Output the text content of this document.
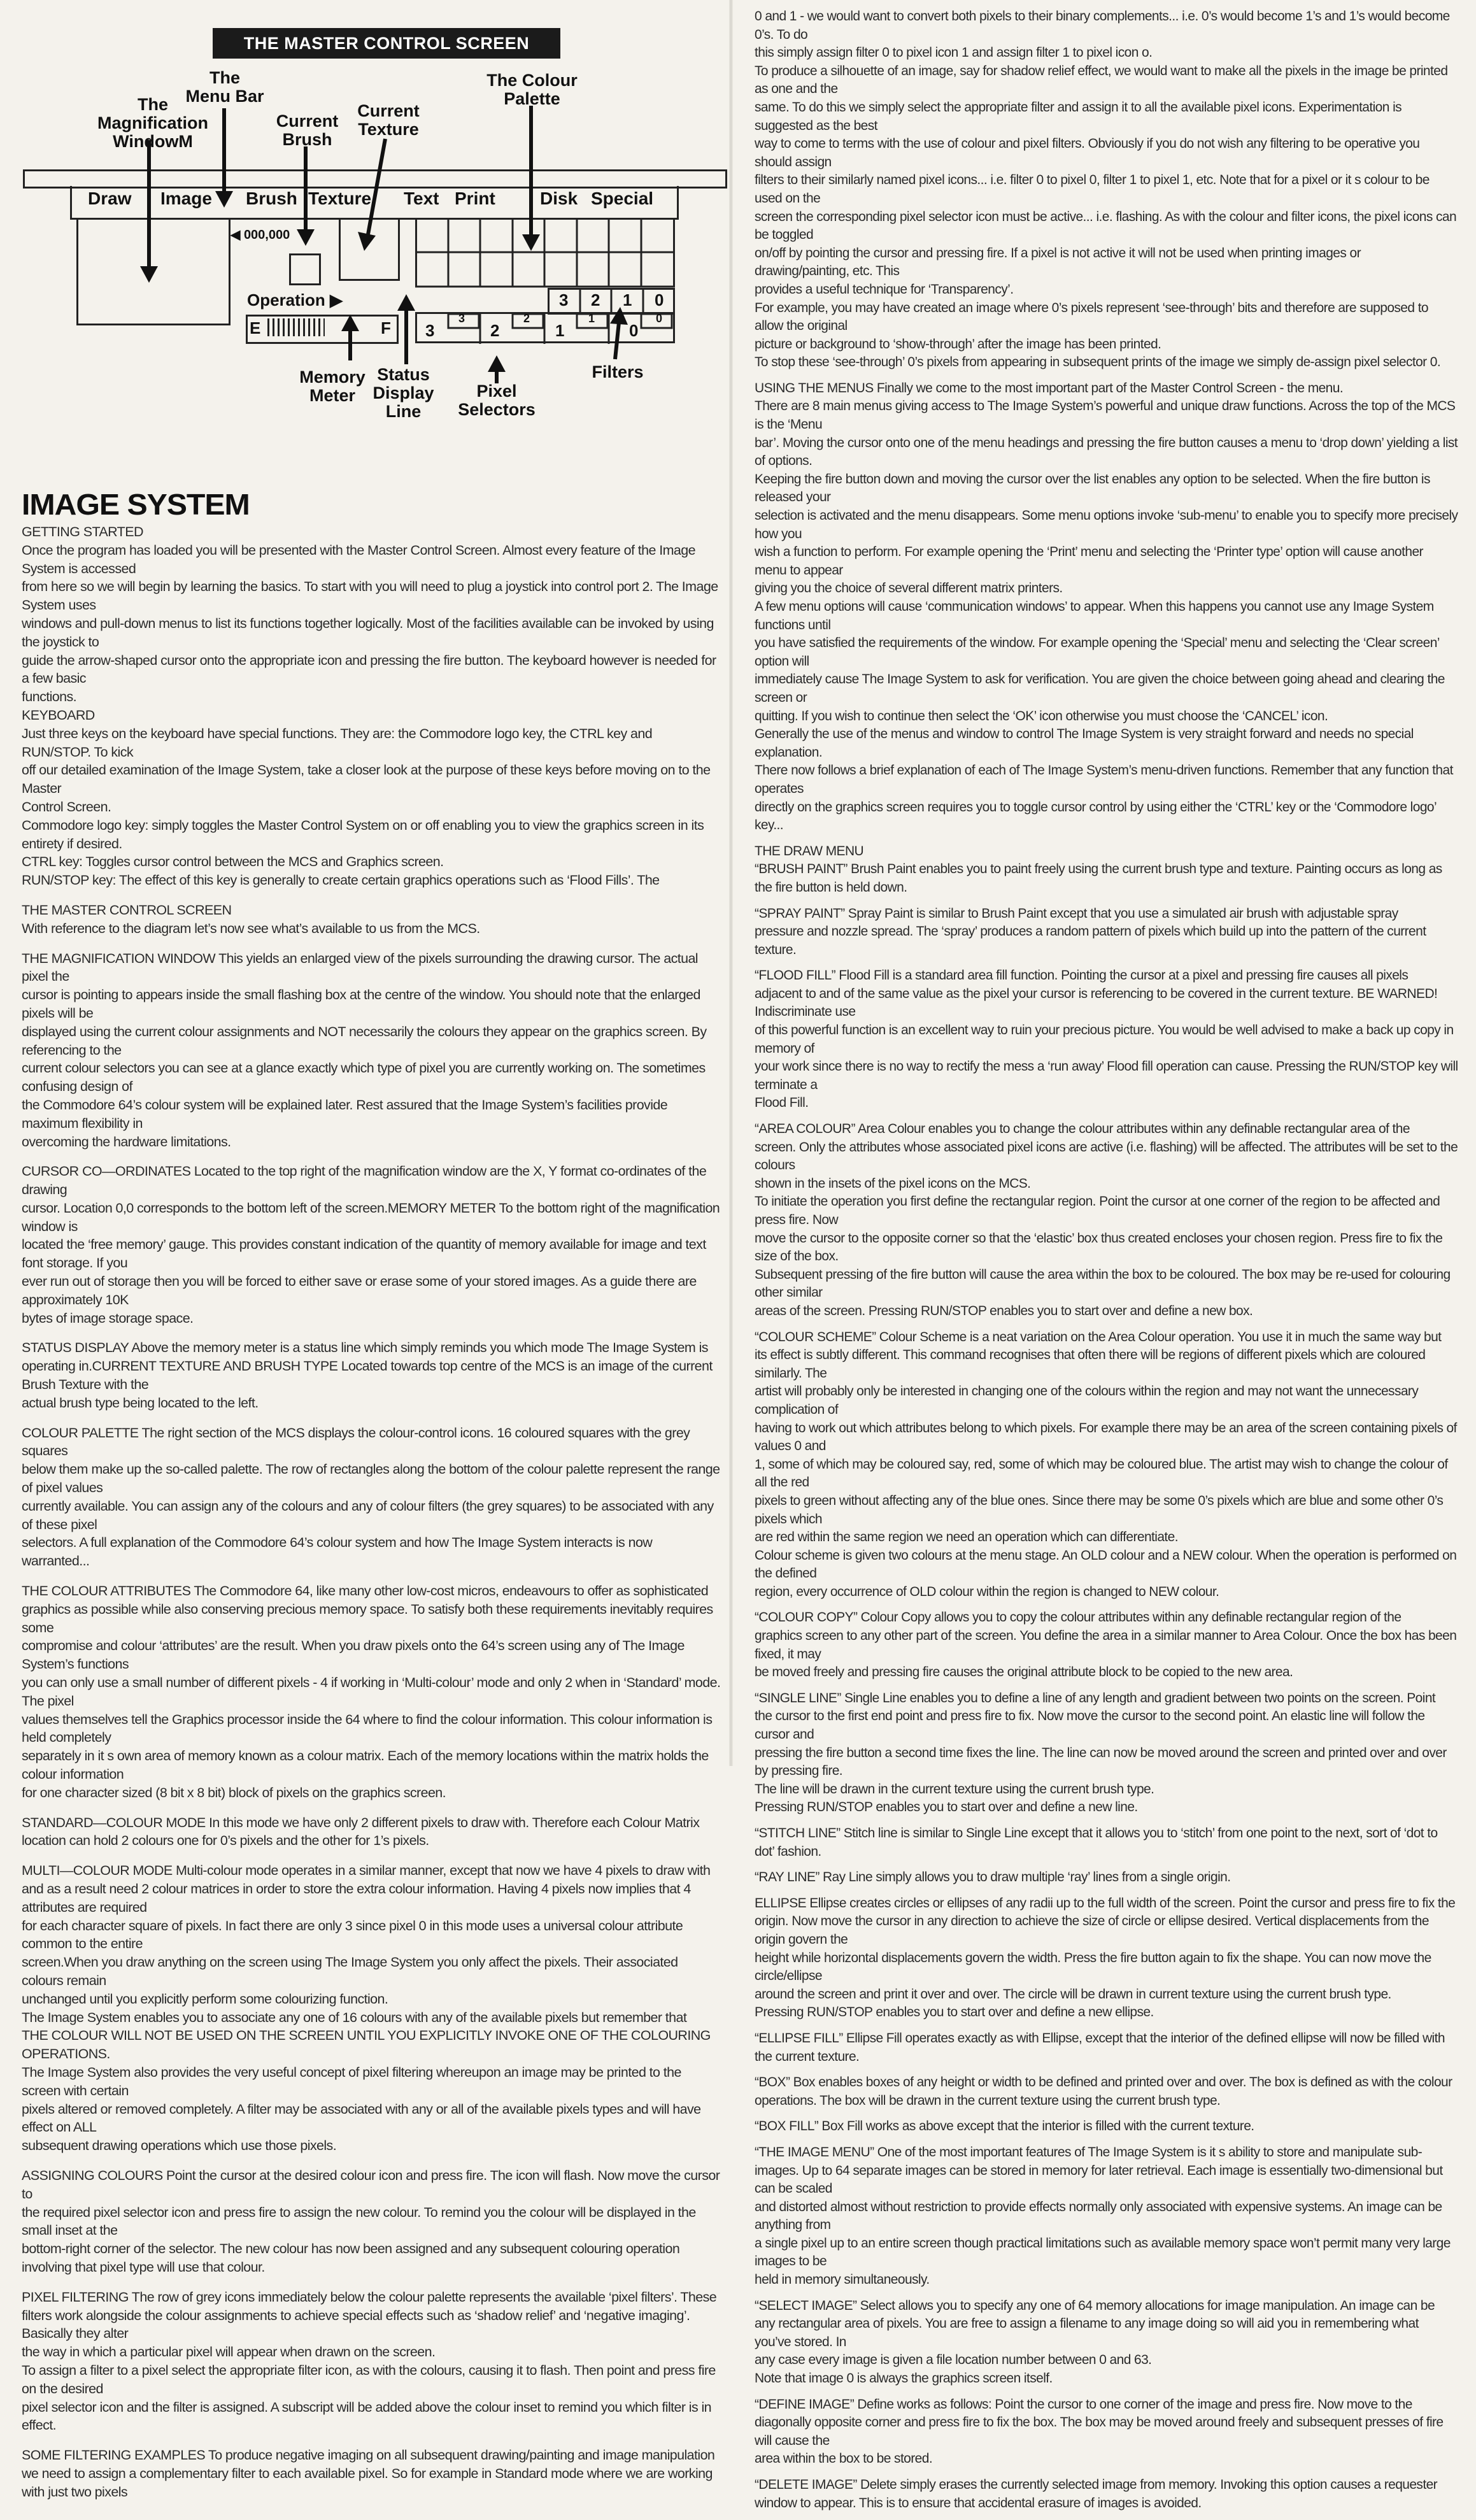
THE MASTER CONTROL SCREEN
The
Magnification
WindowM
The
Menu Bar
Current
Brush
Current
Texture
The Colour
Palette
Memory
Meter
Status
Display
Line
Pixel
Selectors
Filters
Draw Image Brush Texture Text Print	Disk Special
◀ 000,000
Operation ▶	3 2 1 0
E	F 3	2	1	0
3	2	1	0
IMAGE SYSTEM

GETTING STARTED
Once the program has loaded you will be presented with the Master Control Screen. Almost every feature of the Image System is accessed
from here so we will begin by learning the basics. To start with you will need to plug a joystick into control port 2. The Image System uses
windows and pull-down menus to list its functions together logically. Most of the facilities available can be invoked by using the joystick to
guide the arrow-shaped cursor onto the appropriate icon and pressing the fire button. The keyboard however is needed for a few basic
functions.
KEYBOARD
Just three keys on the keyboard have special functions. They are: the Commodore logo key, the CTRL key and RUN/STOP. To kick
off our detailed examination of the Image System, take a closer look at the purpose of these keys before moving on to the Master
Control Screen.
Commodore logo key: simply toggles the Master Control System on or off enabling you to view the graphics screen in its entirety if desired.
CTRL key: Toggles cursor control between the MCS and Graphics screen.
RUN/STOP key: The effect of this key is generally to create certain graphics operations such as ‘Flood Fills’. The

THE MASTER CONTROL SCREEN
With reference to the diagram let’s now see what’s available to us from the MCS.

THE MAGNIFICATION WINDOW This yields an enlarged view of the pixels surrounding the drawing cursor. The actual pixel the
cursor is pointing to appears inside the small flashing box at the centre of the window. You should note that the enlarged pixels will be
displayed using the current colour assignments and NOT necessarily the colours they appear on the graphics screen. By referencing to the
current colour selectors you can see at a glance exactly which type of pixel you are currently working on. The sometimes confusing design of
the Commodore 64’s colour system will be explained later. Rest assured that the Image System’s facilities provide maximum flexibility in
overcoming the hardware limitations.

CURSOR CO—ORDINATES Located to the top right of the magnification window are the X, Y format co-ordinates of the drawing
cursor. Location 0,0 corresponds to the bottom left of the screen.MEMORY METER To the bottom right of the magnification window is
located the ‘free memory’ gauge. This provides constant indication of the quantity of memory available for image and text font storage. If you
ever run out of storage then you will be forced to either save or erase some of your stored images. As a guide there are approximately 10K
bytes of image storage space.

STATUS DISPLAY Above the memory meter is a status line which simply reminds you which mode The Image System is
operating in.CURRENT TEXTURE AND BRUSH TYPE Located towards top centre of the MCS is an image of the current Brush Texture with the
actual brush type being located to the left.

COLOUR PALETTE The right section of the MCS displays the colour-control icons. 16 coloured squares with the grey squares
below them make up the so-called palette. The row of rectangles along the bottom of the colour palette represent the range of pixel values
currently available. You can assign any of the colours and any of colour filters (the grey squares) to be associated with any of these pixel
selectors. A full explanation of the Commodore 64’s colour system and how The Image System interacts is now warranted...

THE COLOUR ATTRIBUTES The Commodore 64, like many other low-cost micros, endeavours to offer as sophisticated
graphics as possible while also conserving precious memory space. To satisfy both these requirements inevitably requires some
compromise and colour ‘attributes’ are the result. When you draw pixels onto the 64’s screen using any of The Image System’s functions
you can only use a small number of different pixels - 4 if working in ‘Multi-colour’ mode and only 2 when in ‘Standard’ mode. The pixel
values themselves tell the Graphics processor inside the 64 where to find the colour information. This colour information is held completely
separately in it s own area of memory known as a colour matrix. Each of the memory locations within the matrix holds the colour information
for one character sized (8 bit x 8 bit) block of pixels on the graphics screen.

STANDARD—COLOUR MODE In this mode we have only 2 different pixels to draw with. Therefore each Colour Matrix
location can hold 2 colours one for 0’s pixels and the other for 1’s pixels.

MULTI—COLOUR MODE Multi-colour mode operates in a similar manner, except that now we have 4 pixels to draw with
and as a result need 2 colour matrices in order to store the extra colour information. Having 4 pixels now implies that 4 attributes are required
for each character square of pixels. In fact there are only 3 since pixel 0 in this mode uses a universal colour attribute common to the entire
screen.When you draw anything on the screen using The Image System you only affect the pixels. Their associated colours remain
unchanged until you explicitly perform some colourizing function.
The Image System enables you to associate any one of 16 colours with any of the available pixels but remember that
THE COLOUR WILL NOT BE USED ON THE SCREEN UNTIL YOU EXPLICITLY INVOKE ONE OF THE COLOURING OPERATIONS.
The Image System also provides the very useful concept of pixel filtering whereupon an image may be printed to the screen with certain
pixels altered or removed completely. A filter may be associated with any or all of the available pixels types and will have effect on ALL
subsequent drawing operations which use those pixels.

ASSIGNING COLOURS Point the cursor at the desired colour icon and press fire. The icon will flash. Now move the cursor to
the required pixel selector icon and press fire to assign the new colour. To remind you the colour will be displayed in the small inset at the
bottom-right corner of the selector. The new colour has now been assigned and any subsequent colouring operation
involving that pixel type will use that colour.

PIXEL FILTERING The row of grey icons immediately below the colour palette represents the available ‘pixel filters’. These
filters work alongside the colour assignments to achieve special effects such as ‘shadow relief’ and ‘negative imaging’. Basically they alter
the way in which a particular pixel will appear when drawn on the screen.
To assign a filter to a pixel select the appropriate filter icon, as with the colours, causing it to flash. Then point and press fire on the desired
pixel selector icon and the filter is assigned. A subscript will be added above the colour inset to remind you which filter is in effect.

SOME FILTERING EXAMPLES To produce negative imaging on all subsequent drawing/painting and image manipulation
we need to assign a complementary filter to each available pixel. So for example in Standard mode where we are working with just two pixels

0 and 1 - we would want to convert both pixels to their binary complements... i.e. 0’s would become 1’s and 1’s would become 0’s. To do
this simply assign filter 0 to pixel icon 1 and assign filter 1 to pixel icon o.
To produce a silhouette of an image, say for shadow relief effect, we would want to make all the pixels in the image be printed as one and the
same. To do this we simply select the appropriate filter and assign it to all the available pixel icons. Experimentation is suggested as the best
way to come to terms with the use of colour and pixel filters. Obviously if you do not wish any filtering to be operative you should assign
filters to their similarly named pixel icons... i.e. filter 0 to pixel 0, filter 1 to pixel 1, etc. Note that for a pixel or it s colour to be used on the
screen the corresponding pixel selector icon must be active... i.e. flashing. As with the colour and filter icons, the pixel icons can be toggled
on/off by pointing the cursor and pressing fire. If a pixel is not active it will not be used when printing images or drawing/painting, etc. This
provides a useful technique for ‘Transparency’.
For example, you may have created an image where 0’s pixels represent ‘see-through’ bits and therefore are supposed to allow the original
picture or background to ‘show-through’ after the image has been printed.
To stop these ‘see-through’ 0’s pixels from appearing in subsequent prints of the image we simply de-assign pixel selector 0.

USING THE MENUS Finally we come to the most important part of the Master Control Screen - the menu.
There are 8 main menus giving access to The Image System’s powerful and unique draw functions. Across the top of the MCS is the ‘Menu
bar’. Moving the cursor onto one of the menu headings and pressing the fire button causes a menu to ‘drop down’ yielding a list of options.
Keeping the fire button down and moving the cursor over the list enables any option to be selected. When the fire button is released your
selection is activated and the menu disappears. Some menu options invoke ‘sub-menu’ to enable you to specify more precisely how you
wish a function to perform. For example opening the ‘Print’ menu and selecting the ‘Printer type’ option will cause another menu to appear
giving you the choice of several different matrix printers.
A few menu options will cause ‘communication windows’ to appear. When this happens you cannot use any Image System functions until
you have satisfied the requirements of the window. For example opening the ‘Special’ menu and selecting the ‘Clear screen’ option will
immediately cause The Image System to ask for verification. You are given the choice between going ahead and clearing the screen or
quitting. If you wish to continue then select the ‘OK’ icon otherwise you must choose the ‘CANCEL’ icon.
Generally the use of the menus and window to control The Image System is very straight forward and needs no special explanation.
There now follows a brief explanation of each of The Image System’s menu-driven functions. Remember that any function that operates
directly on the graphics screen requires you to toggle cursor control by using either the ‘CTRL’ key or the ‘Commodore logo’ key...

THE DRAW MENU
“BRUSH PAINT” Brush Paint enables you to paint freely using the current brush type and texture. Painting occurs as long as
the fire button is held down.

“SPRAY PAINT” Spray Paint is similar to Brush Paint except that you use a simulated air brush with adjustable spray
pressure and nozzle spread. The ‘spray’ produces a random pattern of pixels which build up into the pattern of the current texture.

“FLOOD FILL” Flood Fill is a standard area fill function. Pointing the cursor at a pixel and pressing fire causes all pixels
adjacent to and of the same value as the pixel your cursor is referencing to be covered in the current texture. BE WARNED! Indiscriminate use
of this powerful function is an excellent way to ruin your precious picture. You would be well advised to make a back up copy in memory of
your work since there is no way to rectify the mess a ‘run away’ Flood fill operation can cause. Pressing the RUN/STOP key will terminate a
Flood Fill.

“AREA COLOUR” Area Colour enables you to change the colour attributes within any definable rectangular area of the
screen. Only the attributes whose associated pixel icons are active (i.e. flashing) will be affected. The attributes will be set to the colours
shown in the insets of the pixel icons on the MCS.
To initiate the operation you first define the rectangular region. Point the cursor at one corner of the region to be affected and press fire. Now
move the cursor to the opposite corner so that the ‘elastic’ box thus created encloses your chosen region. Press fire to fix the size of the box.
Subsequent pressing of the fire button will cause the area within the box to be coloured. The box may be re-used for colouring other similar
areas of the screen. Pressing RUN/STOP enables you to start over and define a new box.

“COLOUR SCHEME” Colour Scheme is a neat variation on the Area Colour operation. You use it in much the same way but
its effect is subtly different. This command recognises that often there will be regions of different pixels which are coloured similarly. The
artist will probably only be interested in changing one of the colours within the region and may not want the unnecessary complication of
having to work out which attributes belong to which pixels. For example there may be an area of the screen containing pixels of values 0 and
1, some of which may be coloured say, red, some of which may be coloured blue. The artist may wish to change the colour of all the red
pixels to green without affecting any of the blue ones. Since there may be some 0’s pixels which are blue and some other 0’s pixels which
are red within the same region we need an operation which can differentiate.
Colour scheme is given two colours at the menu stage. An OLD colour and a NEW colour. When the operation is performed on the defined
region, every occurrence of OLD colour within the region is changed to NEW colour.

“COLOUR COPY” Colour Copy allows you to copy the colour attributes within any definable rectangular region of the
graphics screen to any other part of the screen. You define the area in a similar manner to Area Colour. Once the box has been fixed, it may
be moved freely and pressing fire causes the original attribute block to be copied to the new area.

“SINGLE LINE” Single Line enables you to define a line of any length and gradient between two points on the screen. Point
the cursor to the first end point and press fire to fix. Now move the cursor to the second point. An elastic line will follow the cursor and
pressing the fire button a second time fixes the line. The line can now be moved around the screen and printed over and over by pressing fire.
The line will be drawn in the current texture using the current brush type.
Pressing RUN/STOP enables you to start over and define a new line.

“STITCH LINE” Stitch line is similar to Single Line except that it allows you to ‘stitch’ from one point to the next, sort of ‘dot to
dot’ fashion.

“RAY LINE” Ray Line simply allows you to draw multiple ‘ray’ lines from a single origin.

ELLIPSE Ellipse creates circles or ellipses of any radii up to the full width of the screen. Point the cursor and press fire to fix the
origin. Now move the cursor in any direction to achieve the size of circle or ellipse desired. Vertical displacements from the origin govern the
height while horizontal displacements govern the width. Press the fire button again to fix the shape. You can now move the circle/ellipse
around the screen and print it over and over. The circle will be drawn in current texture using the current brush type.
Pressing RUN/STOP enables you to start over and define a new ellipse.

“ELLIPSE FILL” Ellipse Fill operates exactly as with Ellipse, except that the interior of the defined ellipse will now be filled with
the current texture.

“BOX” Box enables boxes of any height or width to be defined and printed over and over. The box is defined as with the colour
operations. The box will be drawn in the current texture using the current brush type.

“BOX FILL” Box Fill works as above except that the interior is filled with the current texture.

“THE IMAGE MENU” One of the most important features of The Image System is it s ability to store and manipulate sub-
images. Up to 64 separate images can be stored in memory for later retrieval. Each image is essentially two-dimensional but can be scaled
and distorted almost without restriction to provide effects normally only associated with expensive systems. An image can be anything from
a single pixel up to an entire screen though practical limitations such as available memory space won’t permit many very large images to be
held in memory simultaneously.

“SELECT IMAGE” Select allows you to specify any one of 64 memory allocations for image manipulation. An image can be
any rectangular area of pixels. You are free to assign a filename to any image doing so will aid you in remembering what you’ve stored. In
any case every image is given a file location number between 0 and 63.
Note that image 0 is always the graphics screen itself.

“DEFINE IMAGE” Define works as follows: Point the cursor to one corner of the image and press fire. Now move to the
diagonally opposite corner and press fire to fix the box. The box may be moved around freely and subsequent presses of fire will cause the
area within the box to be stored.

“DELETE IMAGE” Delete simply erases the currently selected image from memory. Invoking this option causes a requester
window to appear. This is to ensure that accidental erasure of images is avoided.
